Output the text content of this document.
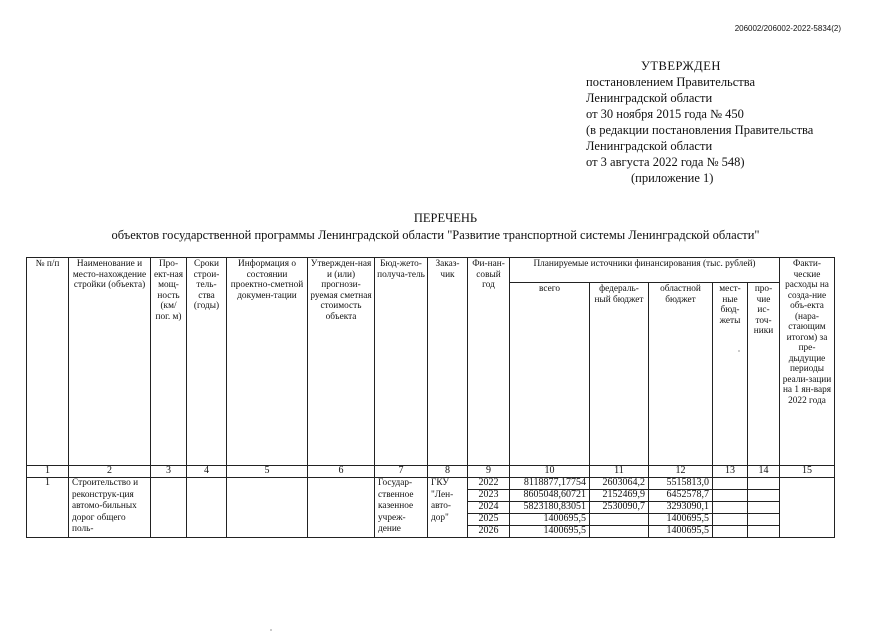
206002/206002-2022-5834(2)
УТВЕРЖДЕН
постановлением Правительства
Ленинградской области
от 30 ноября 2015 года № 450
(в редакции постановления Правительства
Ленинградской области
от 3 августа 2022 года № 548)
(приложение 1)
ПЕРЕЧЕНЬ
объектов государственной программы Ленинградской области "Развитие транспортной системы Ленинградской области"
№ п/п	Наименование и место-нахождение стройки (объекта)	Про-ект-ная мощ-ность (км/ пог. м)	Сроки строи-тель-ства (годы)	Информация о состоянии проектно-сметной докумен-тации	Утвержден-ная и (или) прогнози-руемая сметная стоимость объекта	Бюд-жето-получа-тель	Заказ-чик	Фи-нан-совый год	Планируемые источники финансирования (тыс. рублей)					Факти-ческие расходы на созда-ние объ-екта (нара-стающим итогом) за пре-дыдущие периоды реали-зации на 1 ян-варя 2022 года
									всего	федераль-ный бюджет	областной бюджет	мест-ные бюд-жеты	про-чие ис-точ-ники	
1	2	3	4	5	6	7	8	9	10	11	12	13	14	15
1	Строительство и реконструк-ция автомо-бильных дорог общего поль-					Государ-ственное казенное учреж-дение	ГКУ "Лен-авто-дор"	2022	8118877,17754	2603064,2	5515813,0			
								2023	8605048,60721	2152469,9	6452578,7			
								2024	5823180,83051	2530090,7	3293090,1			
								2025	1400695,5		1400695,5			
								2026	1400695,5		1400695,5			
